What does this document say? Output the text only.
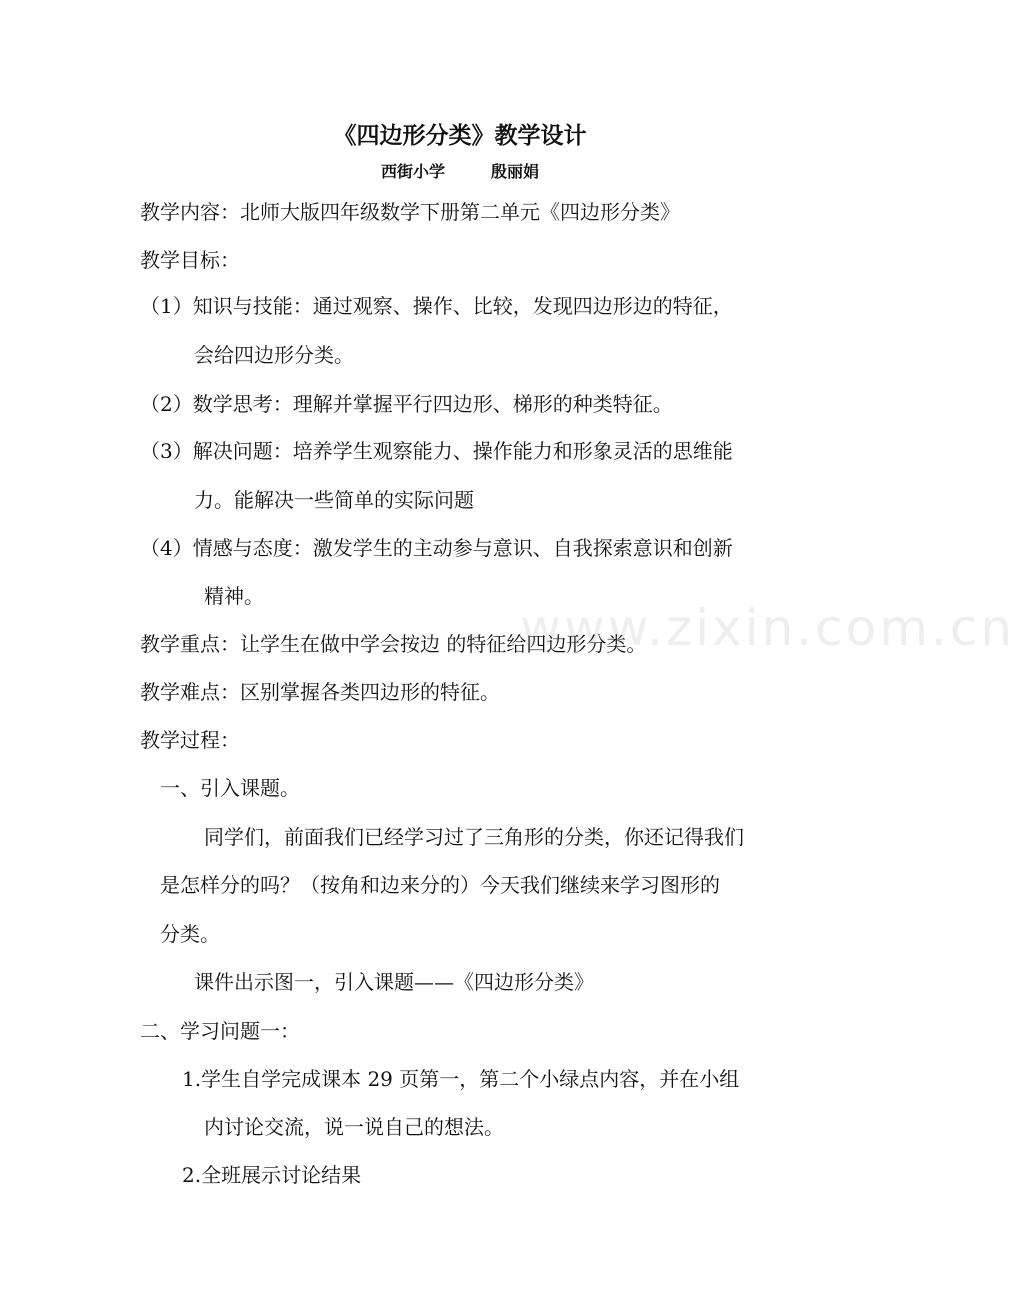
《四边形分类》教学设计
西街小学	殷丽娟
教学内容：北师大版四年级数学下册第二单元《四边形分类》
教学目标：
（1）知识与技能：通过观察、操作、比较，发现四边形边的特征，
会给四边形分类。
（2）数学思考：理解并掌握平行四边形、梯形的种类特征。
（3）解决问题：培养学生观察能力、操作能力和形象灵活的思维能
力。能解决一些简单的实际问题
（4）情感与态度：激发学生的主动参与意识、自我探索意识和创新
精神。
教学重点：让学生在做中学会按边 的特征给四边形分类。
教学难点：区别掌握各类四边形的特征。
教学过程：
一、引入课题。
同学们，前面我们已经学习过了三角形的分类，你还记得我们
是怎样分的吗？（按角和边来分的）今天我们继续来学习图形的
分类。
课件出示图一，引入课题——《四边形分类》
二、学习问题一：
1.学生自学完成课本 29 页第一，第二个小绿点内容，并在小组
内讨论交流，说一说自己的想法。
2.全班展示讨论结果
www.zixin.com.cn
